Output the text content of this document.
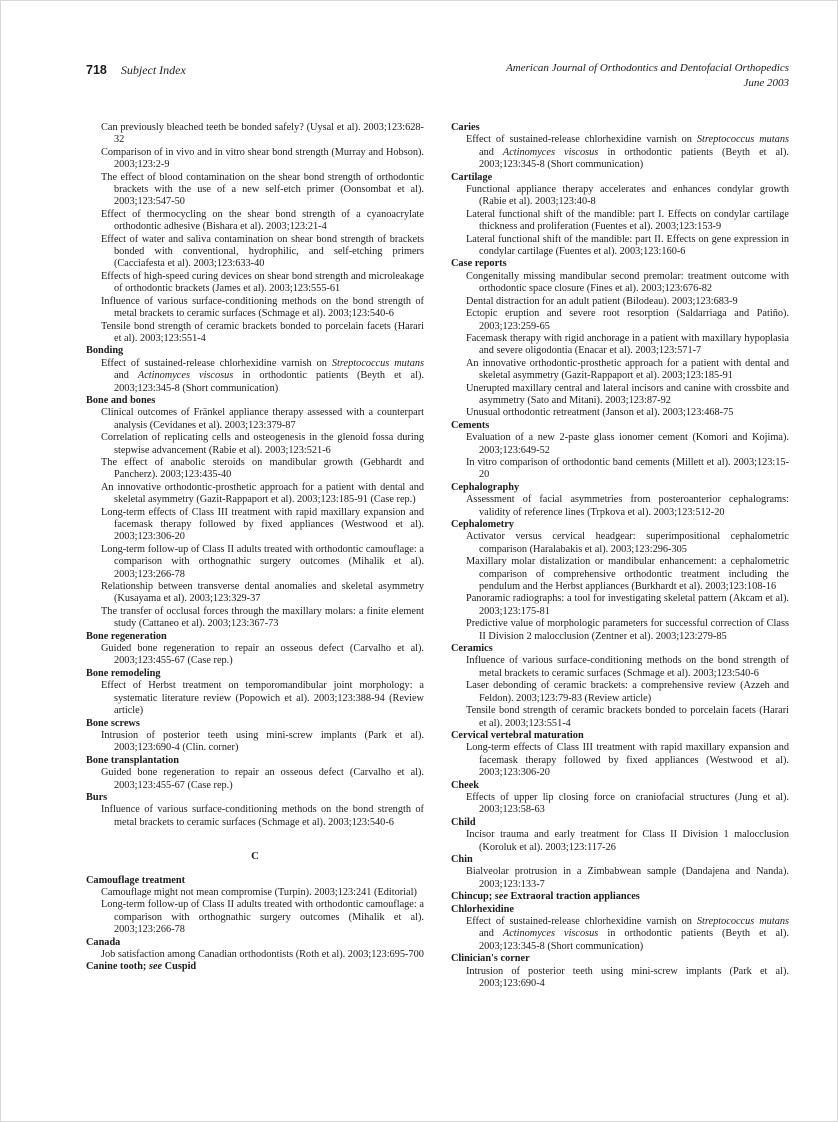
718 Subject Index	American Journal of Orthodontics and Dentofacial Orthopedics
June 2003

Can previously bleached teeth be bonded safely? (Uysal et al). 2003;123:628-32

Comparison of in vivo and in vitro shear bond strength (Murray and Hobson). 2003;123:2-9

The effect of blood contamination on the shear bond strength of orthodontic brackets with the use of a new self-etch primer (Oonsombat et al). 2003;123:547-50

Effect of thermocycling on the shear bond strength of a cyanoacrylate orthodontic adhesive (Bishara et al). 2003;123:21-4

Effect of water and saliva contamination on shear bond strength of brackets bonded with conventional, hydrophilic, and self-etching primers (Cacciafesta et al). 2003;123:633-40

Effects of high-speed curing devices on shear bond strength and microleakage of orthodontic brackets (James et al). 2003;123:555-61

Influence of various surface-conditioning methods on the bond strength of metal brackets to ceramic surfaces (Schmage et al). 2003;123:540-6

Tensile bond strength of ceramic brackets bonded to porcelain facets (Harari et al). 2003;123:551-4

Bonding

Effect of sustained-release chlorhexidine varnish on Streptococcus mutans and Actinomyces viscosus in orthodontic patients (Beyth et al). 2003;123:345-8 (Short communication)

Bone and bones

Clinical outcomes of Fränkel appliance therapy assessed with a counterpart analysis (Cevidanes et al). 2003;123:379-87

Correlation of replicating cells and osteogenesis in the glenoid fossa during stepwise advancement (Rabie et al). 2003;123:521-6

The effect of anabolic steroids on mandibular growth (Gebhardt and Pancherz). 2003;123:435-40

An innovative orthodontic-prosthetic approach for a patient with dental and skeletal asymmetry (Gazit-Rappaport et al). 2003;123:185-91 (Case rep.)

Long-term effects of Class III treatment with rapid maxillary expansion and facemask therapy followed by fixed appliances (Westwood et al). 2003;123:306-20

Long-term follow-up of Class II adults treated with orthodontic camouflage: a comparison with orthognathic surgery outcomes (Mihalik et al). 2003;123:266-78

Relationship between transverse dental anomalies and skeletal asymmetry (Kusayama et al). 2003;123:329-37

The transfer of occlusal forces through the maxillary molars: a finite element study (Cattaneo et al). 2003;123:367-73

Bone regeneration

Guided bone regeneration to repair an osseous defect (Carvalho et al). 2003;123:455-67 (Case rep.)

Bone remodeling

Effect of Herbst treatment on temporomandibular joint morphology: a systematic literature review (Popowich et al). 2003;123:388-94 (Review article)

Bone screws

Intrusion of posterior teeth using mini-screw implants (Park et al). 2003;123:690-4 (Clin. corner)

Bone transplantation

Guided bone regeneration to repair an osseous defect (Carvalho et al). 2003;123:455-67 (Case rep.)

Burs

Influence of various surface-conditioning methods on the bond strength of metal brackets to ceramic surfaces (Schmage et al). 2003;123:540-6

C
Camouflage treatment

Camouflage might not mean compromise (Turpin). 2003;123:241 (Editorial)

Long-term follow-up of Class II adults treated with orthodontic camouflage: a comparison with orthognathic surgery outcomes (Mihalik et al). 2003;123:266-78

Canada

Job satisfaction among Canadian orthodontists (Roth et al). 2003;123:695-700

Canine tooth; see Cuspid
Caries

Effect of sustained-release chlorhexidine varnish on Streptococcus mutans and Actinomyces viscosus in orthodontic patients (Beyth et al). 2003;123:345-8 (Short communication)

Cartilage

Functional appliance therapy accelerates and enhances condylar growth (Rabie et al). 2003;123:40-8

Lateral functional shift of the mandible: part I. Effects on condylar cartilage thickness and proliferation (Fuentes et al). 2003;123:153-9

Lateral functional shift of the mandible: part II. Effects on gene expression in condylar cartilage (Fuentes et al). 2003;123:160-6

Case reports

Congenitally missing mandibular second premolar: treatment outcome with orthodontic space closure (Fines et al). 2003;123:676-82

Dental distraction for an adult patient (Bilodeau). 2003;123:683-9

Ectopic eruption and severe root resorption (Saldarriaga and Patiño). 2003;123:259-65

Facemask therapy with rigid anchorage in a patient with maxillary hypoplasia and severe oligodontia (Enacar et al). 2003;123:571-7

An innovative orthodontic-prosthetic approach for a patient with dental and skeletal asymmetry (Gazit-Rappaport et al). 2003;123:185-91

Unerupted maxillary central and lateral incisors and canine with crossbite and asymmetry (Sato and Mitani). 2003;123:87-92

Unusual orthodontic retreatment (Janson et al). 2003;123:468-75

Cements

Evaluation of a new 2-paste glass ionomer cement (Komori and Kojima). 2003;123:649-52

In vitro comparison of orthodontic band cements (Millett et al). 2003;123:15-20

Cephalography

Assessment of facial asymmetries from posteroanterior cephalograms: validity of reference lines (Trpkova et al). 2003;123:512-20

Cephalometry

Activator versus cervical headgear: superimpositional cephalometric comparison (Haralabakis et al). 2003;123:296-305

Maxillary molar distalization or mandibular enhancement: a cephalometric comparison of comprehensive orthodontic treatment including the pendulum and the Herbst appliances (Burkhardt et al). 2003;123:108-16

Panoramic radiographs: a tool for investigating skeletal pattern (Akcam et al). 2003;123:175-81

Predictive value of morphologic parameters for successful correction of Class II Division 2 malocclusion (Zentner et al). 2003;123:279-85

Ceramics

Influence of various surface-conditioning methods on the bond strength of metal brackets to ceramic surfaces (Schmage et al). 2003;123:540-6

Laser debonding of ceramic brackets: a comprehensive review (Azzeh and Feldon). 2003;123:79-83 (Review article)

Tensile bond strength of ceramic brackets bonded to porcelain facets (Harari et al). 2003;123:551-4

Cervical vertebral maturation

Long-term effects of Class III treatment with rapid maxillary expansion and facemask therapy followed by fixed appliances (Westwood et al). 2003;123:306-20

Cheek

Effects of upper lip closing force on craniofacial structures (Jung et al). 2003;123:58-63

Child

Incisor trauma and early treatment for Class II Division 1 malocclusion (Koroluk et al). 2003;123:117-26

Chin

Bialveolar protrusion in a Zimbabwean sample (Dandajena and Nanda). 2003;123:133-7

Chincup; see Extraoral traction appliances
Chlorhexidine

Effect of sustained-release chlorhexidine varnish on Streptococcus mutans and Actinomyces viscosus in orthodontic patients (Beyth et al). 2003;123:345-8 (Short communication)

Clinician's corner

Intrusion of posterior teeth using mini-screw implants (Park et al). 2003;123:690-4
